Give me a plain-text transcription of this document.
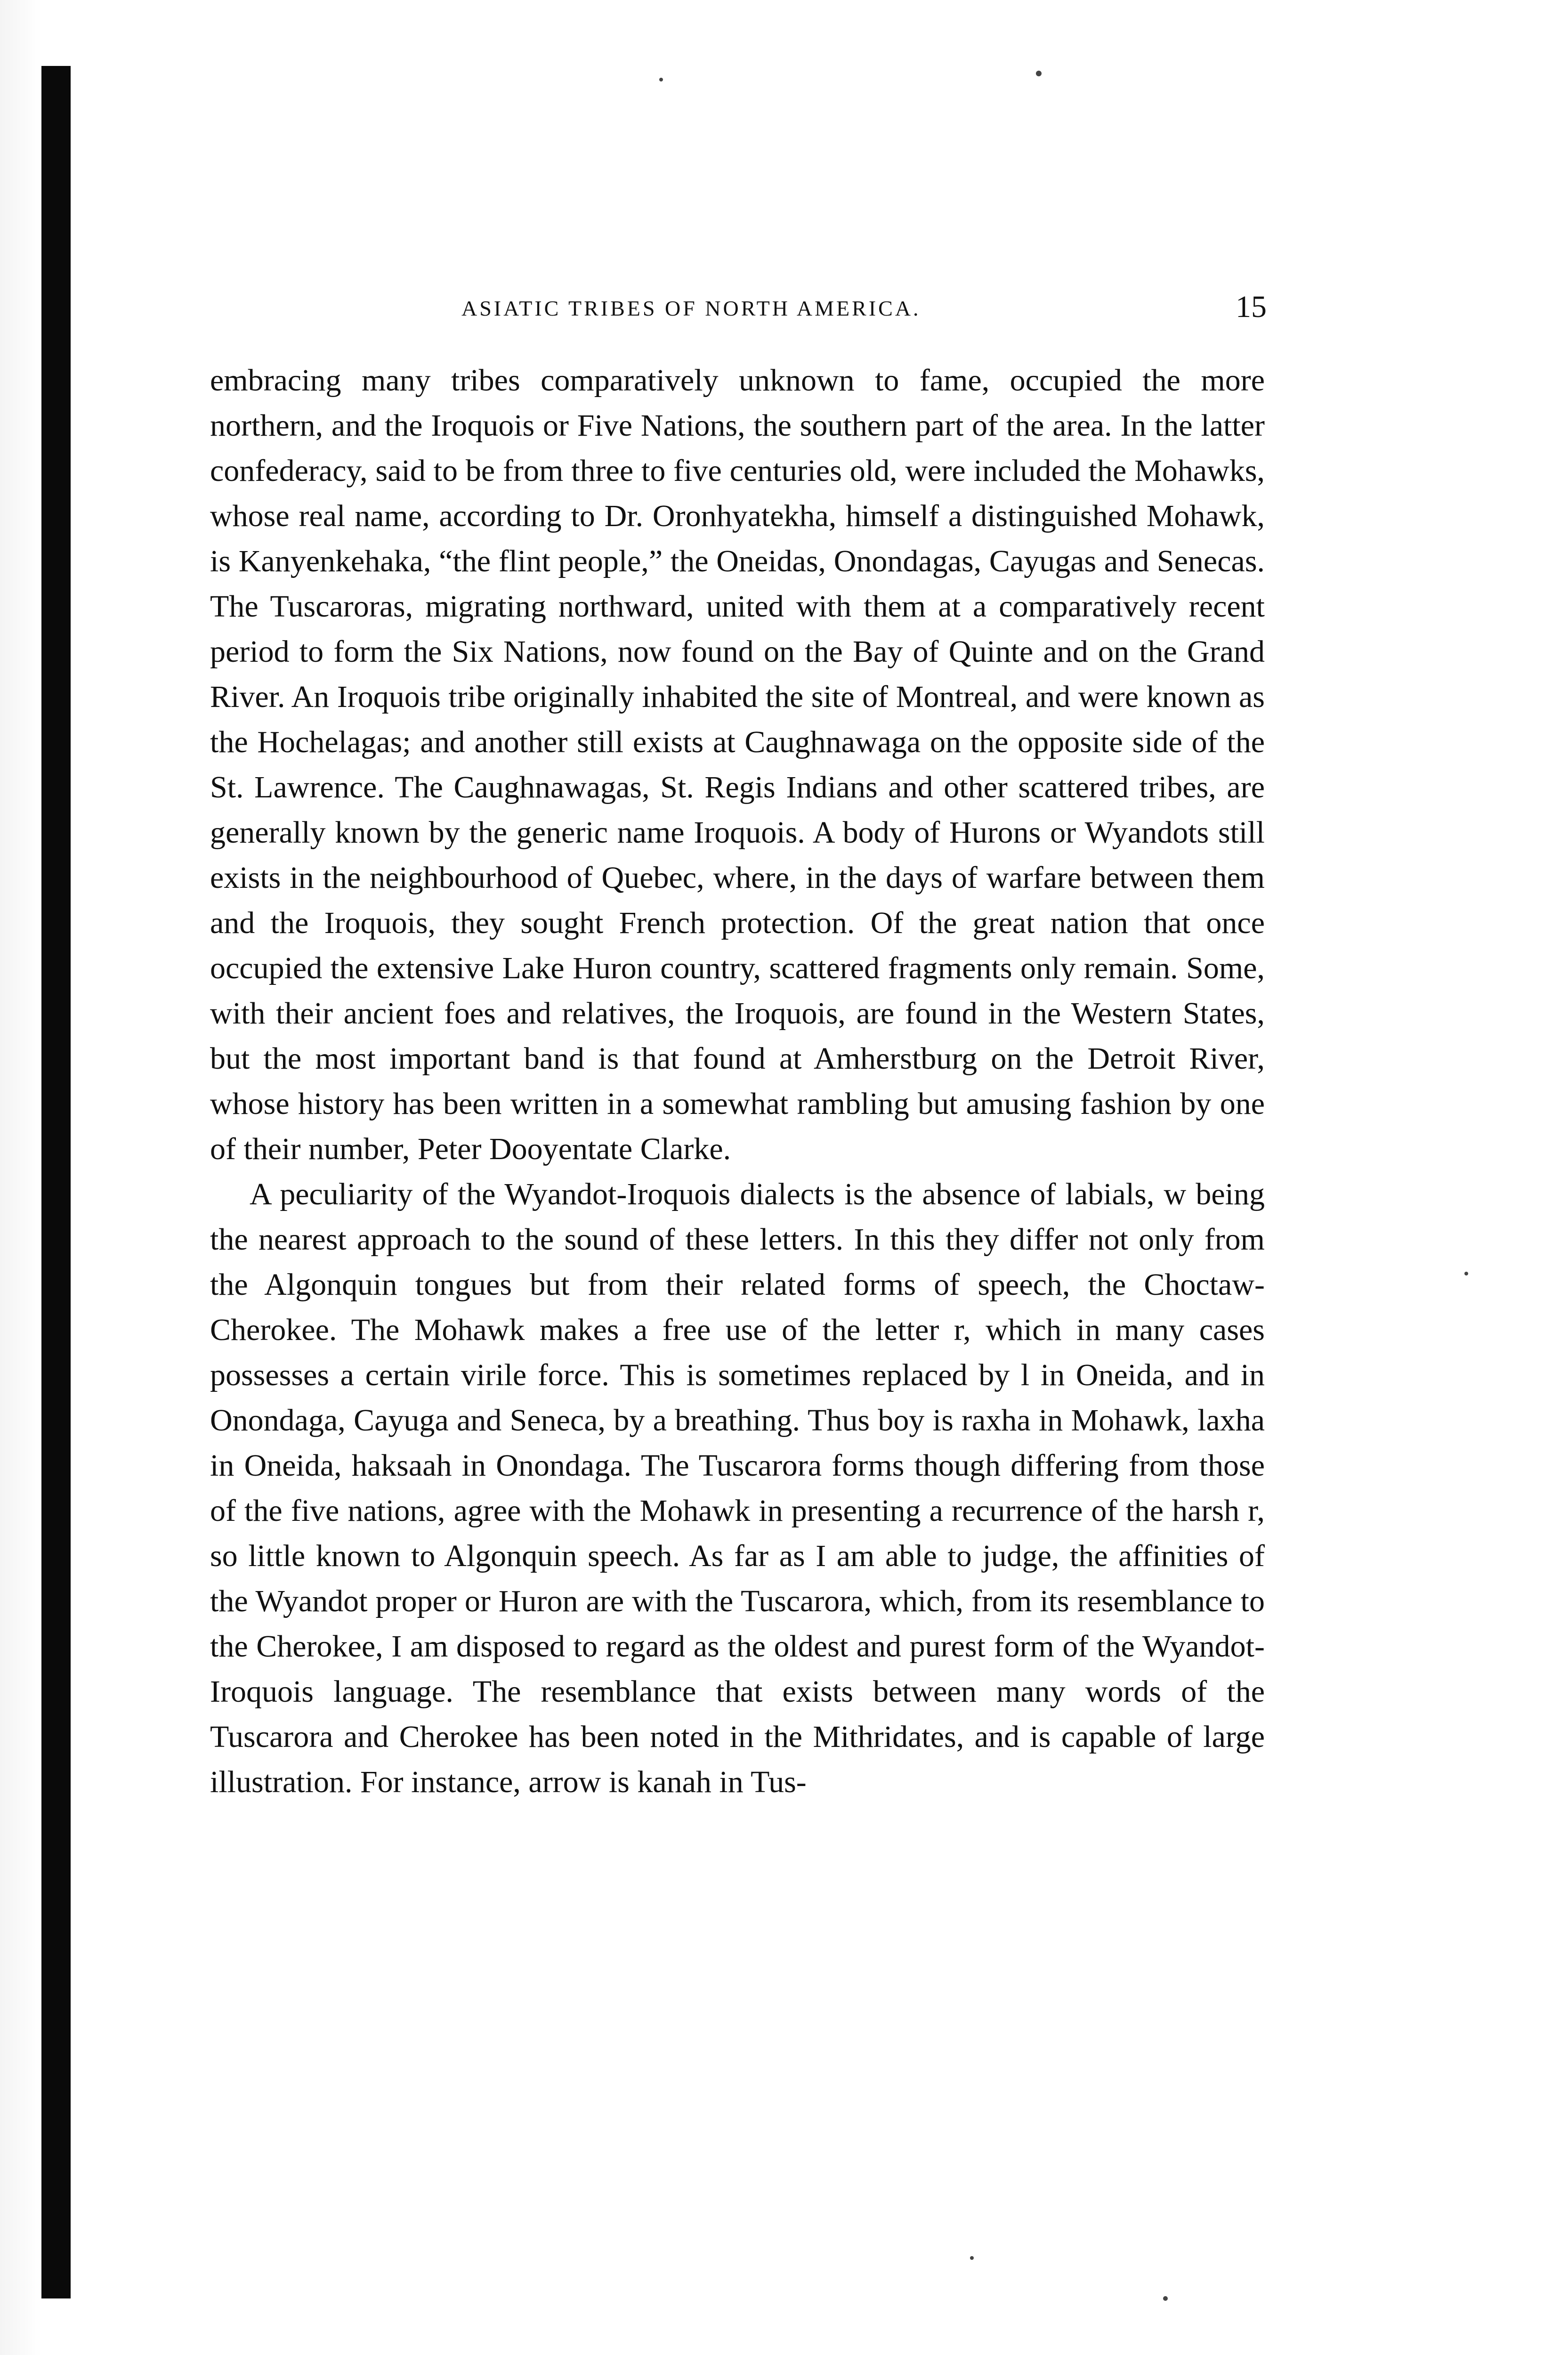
ASIATIC TRIBES OF NORTH AMERICA.	15

embracing many tribes comparatively unknown to fame, occupied the more northern, and the Iroquois or Five Nations, the southern part of the area. In the latter confederacy, said to be from three to five centuries old, were included the Mohawks, whose real name, according to Dr. Oronhyatekha, himself a distinguished Mohawk, is Kanyenkehaka, “the flint people,” the Oneidas, Onondagas, Cayugas and Senecas. The Tuscaroras, migrating northward, united with them at a comparatively recent period to form the Six Nations, now found on the Bay of Quinte and on the Grand River. An Iroquois tribe originally inhabited the site of Montreal, and were known as the Hochelagas; and another still exists at Caughnawaga on the opposite side of the St. Lawrence. The Caughnawagas, St. Regis Indians and other scattered tribes, are generally known by the generic name Iroquois. A body of Hurons or Wyandots still exists in the neighbourhood of Quebec, where, in the days of warfare between them and the Iroquois, they sought French protection. Of the great nation that once occupied the extensive Lake Huron country, scattered fragments only remain. Some, with their ancient foes and relatives, the Iroquois, are found in the Western States, but the most important band is that found at Amherstburg on the Detroit River, whose history has been written in a somewhat rambling but amusing fashion by one of their number, Peter Dooyentate Clarke.

A peculiarity of the Wyandot-Iroquois dialects is the absence of labials, w being the nearest approach to the sound of these letters. In this they differ not only from the Algonquin tongues but from their related forms of speech, the Choctaw-Cherokee. The Mohawk makes a free use of the letter r, which in many cases possesses a certain virile force. This is sometimes replaced by l in Oneida, and in Onondaga, Cayuga and Seneca, by a breathing. Thus boy is raxha in Mohawk, laxha in Oneida, haksaah in Onondaga. The Tuscarora forms though differing from those of the five nations, agree with the Mohawk in presenting a recurrence of the harsh r, so little known to Algonquin speech. As far as I am able to judge, the affinities of the Wyandot proper or Huron are with the Tuscarora, which, from its resemblance to the Cherokee, I am disposed to regard as the oldest and purest form of the Wyandot-Iroquois language. The resemblance that exists between many words of the Tuscarora and Cherokee has been noted in the Mithridates, and is capable of large illustration. For instance, arrow is kanah in Tus-
